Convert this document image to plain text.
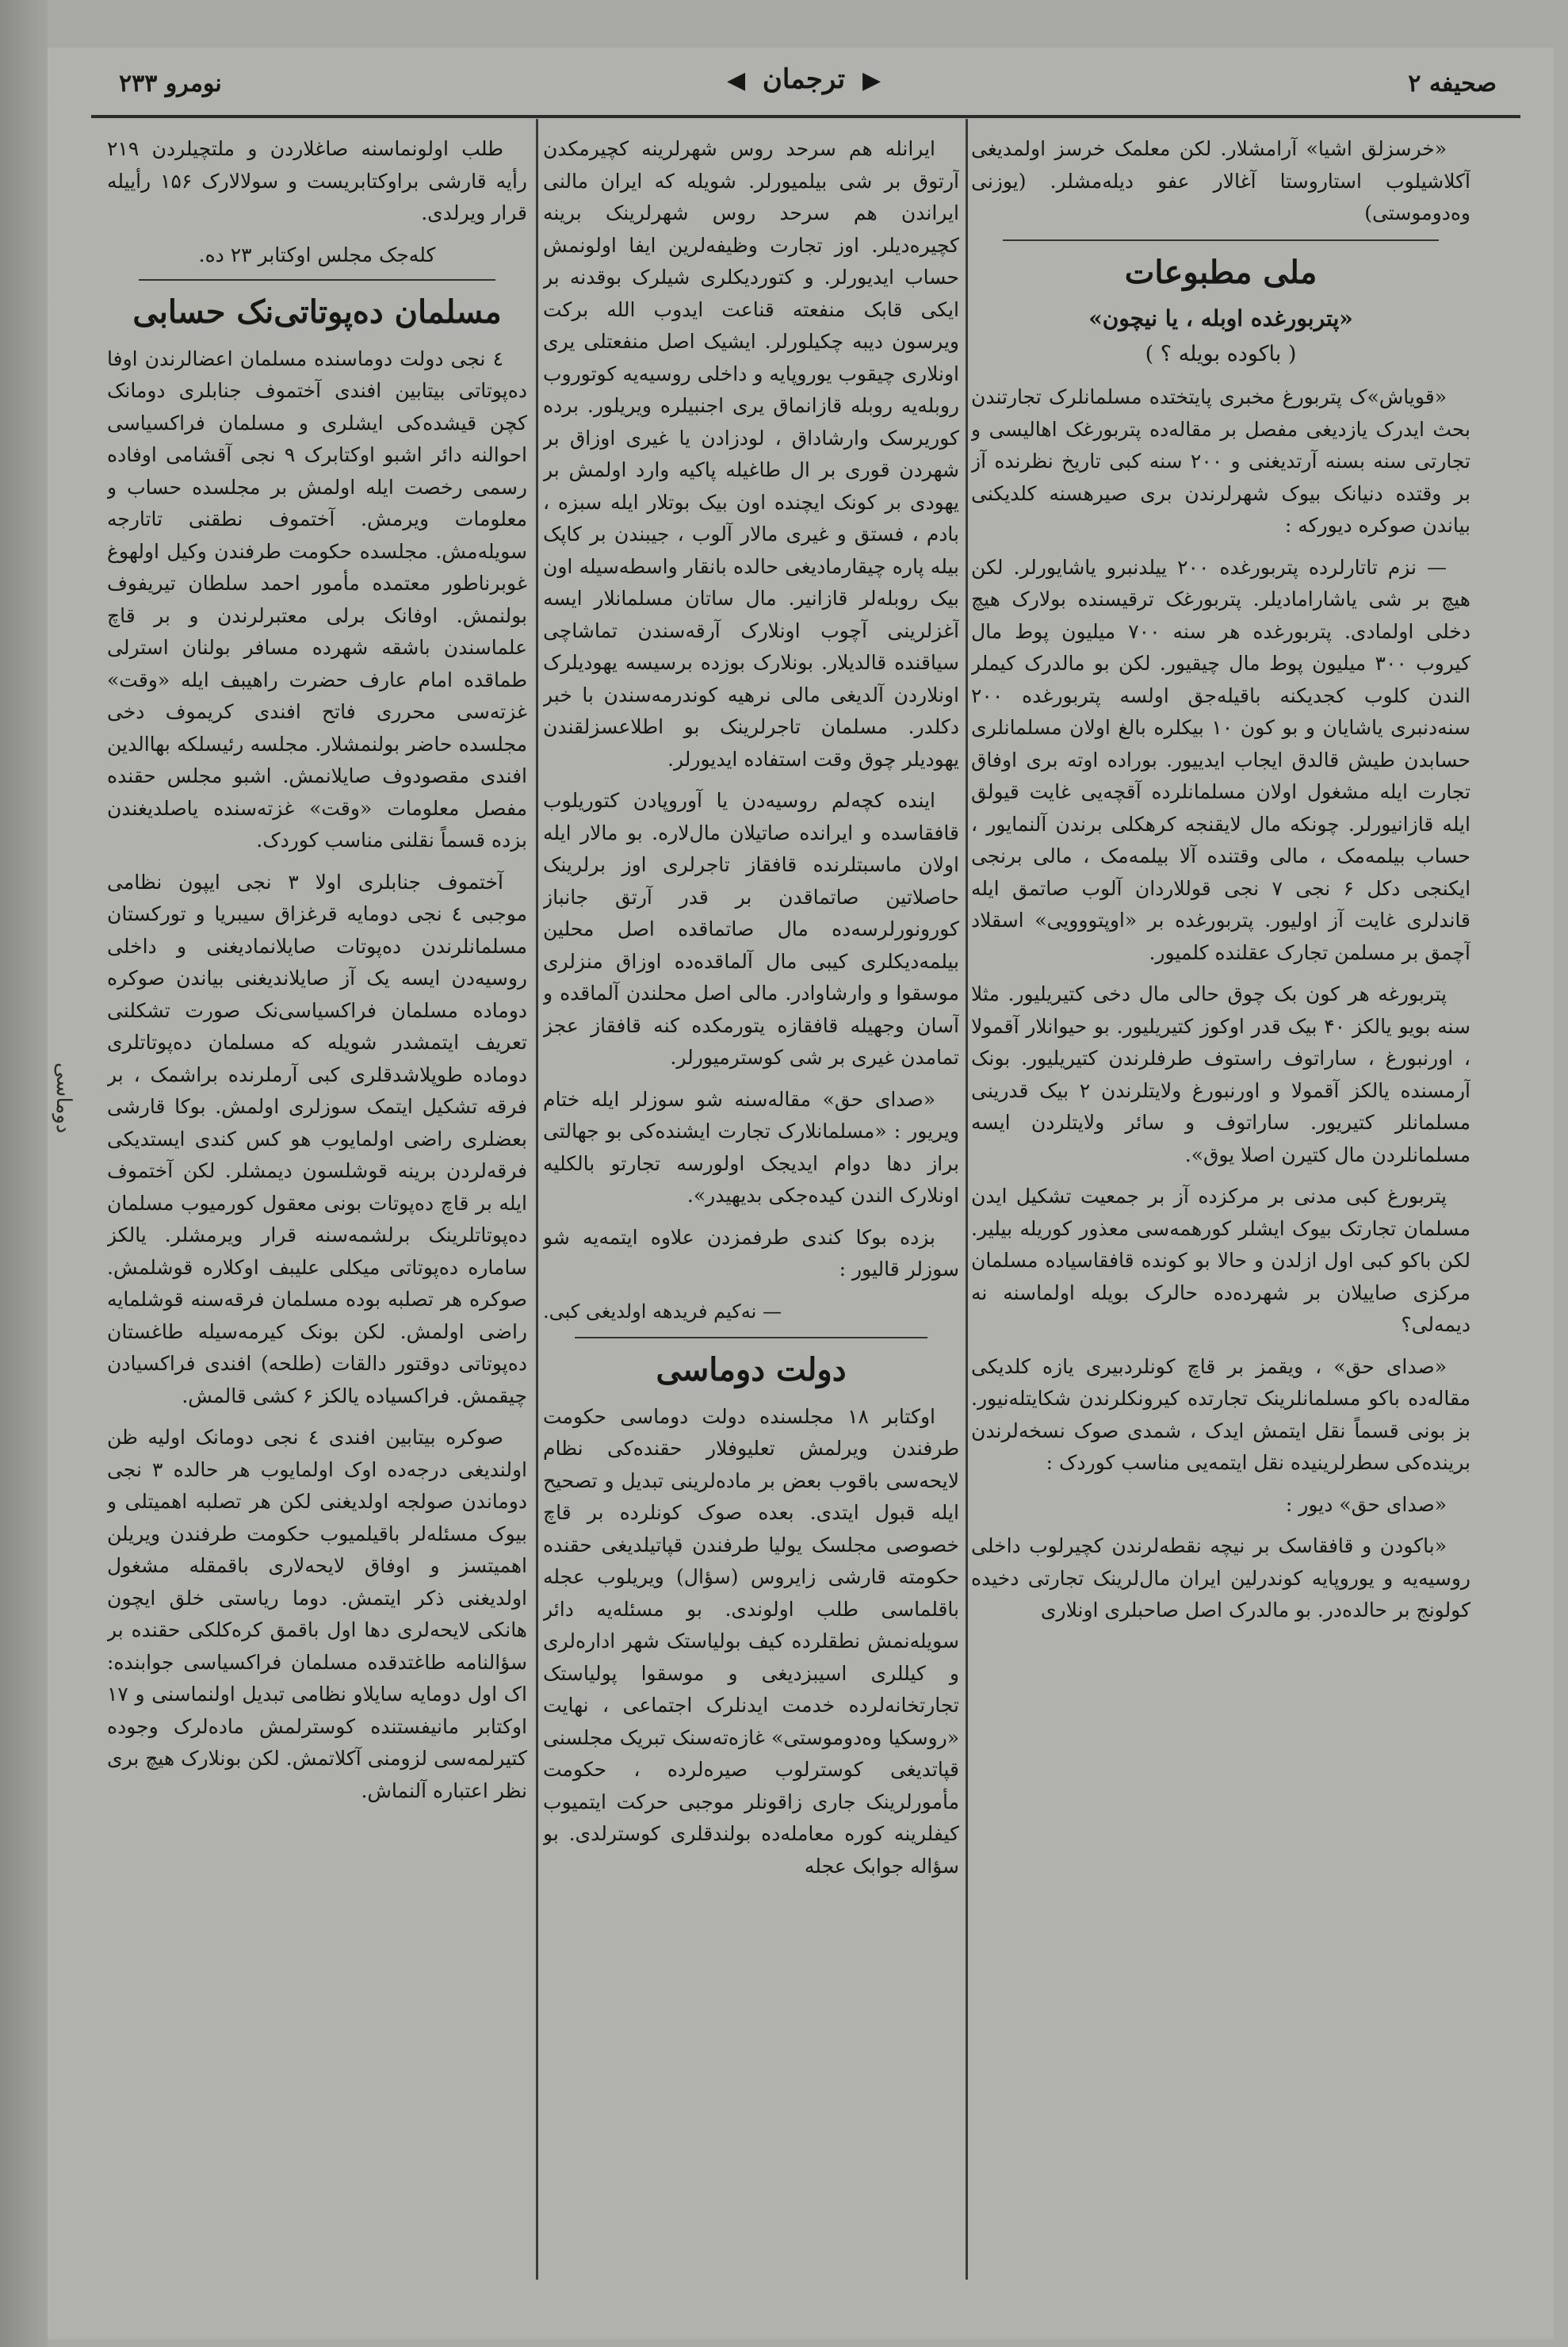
دوماسی
صحیفه ۲
▶ ترجمان ◀
نومرو ۲۳۳

«خرسزلق اشیا» آرامشلار. لکن معلمک خرسز اولمدیغی آکلاشیلوب استاروستا آغالار عفو دیله‌مشلر. (یوزنی وه‌دوموستی)

ملی مطبوعات
«پتربورغده اوبله ، یا نیچون»
( باکوده بویله ؟ )

«قویاش»‌ک پتربورغ مخبری پایتختده مسلمانلرک تجارتندن بحث ایدرک یازدیغی مفصل بر مقاله‌ده پتربورغک اهالیسی و تجارتی سنه بسنه آرتدیغنی و ۲۰۰ سنه کبی تاریخ نظرنده آز بر وقتده دنیانک بیوک شهرلرندن بری صیرهسنه کلدیکنی بیاندن صوکره دیورکه :

— نزم تاتارلرده پتربورغده ۲۰۰ ییلدنبرو یاشایورلر. لکن هیچ بر شی یاشارامادیلر. پتربورغک ترقیسنده بولارک هیچ دخلی اولمادی. پتربورغده هر سنه ۷۰۰ میلیون پوط مال کیروب ۳۰۰ میلیون پوط مال چیقیور. لکن بو مالدرک کیملر الندن کلوب کجدیکنه باقیله‌جق اولسه پتربورغده ۲۰۰ سنه‌دنبری یاشایان و بو کون ۱۰ بیکلره بالغ اولان مسلمانلری حسابدن طیش قالدق ایجاب ایدییور. بوراده اوته بری اوفاق تجارت ایله مشغول اولان مسلمانلرده آقچه‌یی غایت قیولق ایله قازانیورلر. چونکه مال لایقنجه کرهکلی برندن آلنمایور ، حساب بیلمه‌مک ، مالی وقتنده آلا بیلمه‌مک ، مالی برنجی ایکنجی دکل ۶ نجی ۷ نجی قوللاردان آلوب صاتمق ایله قاندلری غایت آز اولیور. پتربورغده بر «اوپتووویی» اسقلاد آچمق بر مسلمن تجارک عقلنده کلمیور.

پتربورغه هر کون بک چوق حالی مال دخی کتیریلیور. مثلا سنه بویو یالکز ۴۰ بیک قدر اوکوز کتیریلیور. بو حیوانلار آقمولا ، اورنبورغ ، ساراتوف راستوف طرفلرندن کتیریلیور. بونک آرمسنده یالکز آقمولا و اورنبورغ ولایتلرندن ۲ بیک قدرینی مسلمانلر کتیریور. ساراتوف و سائر ولایتلردن ایسه مسلمانلردن مال کتیرن اصلا یوق».

پتربورغ کبی مدنی بر مرکزده آز بر جمعیت تشکیل ایدن مسلمان تجارتک بیوک ایشلر کورهمه‌سی معذور کوریله بیلیر. لکن باکو کبی اول ازلدن و حالا بو کونده قافقاسیاده مسلمان مرکزی صاییلان بر شهرده‌ده حالرک بویله اولماسنه نه دیمه‌لی؟

«صدای حق» ، ویقمز بر قاچ کونلردبیری یازه کلدیکی مقاله‌ده باکو مسلمانلرینک تجارتده کیرونکلرندن شکایتله‌نیور. بز بونی قسماً نقل ایتمش ایدک ، شمدی صوک نسخه‌لرندن برینده‌کی سطرلرینیده نقل ایتمه‌یی مناسب کوردک :

«صدای حق» دیور :

«باکودن و قافقاسک بر نیچه نقطه‌لرندن کچیرلوب داخلی روسیه‌یه و یوروپایه کوندرلین ایران مال‌لرینک تجارتی دخیده کولونج بر حالده‌در. بو مالدرک اصل صاحبلری اونلاری

ایرانله هم سرحد روس شهرلرینه کچیرمکدن آرتوق بر شی بیلمیورلر. شویله که ایران مالنی ایراندن هم سرحد روس شهرلرینک برینه کچیره‌دیلر. اوز تجارت وظیفه‌لرین ایفا اولونمش حساب ایدیورلر. و کتوردیکلری شیلرک بوقدنه بر ایکی قابک منفعته قناعت ایدوب الله برکت ویرسون دیبه چکیلورلر. ایشیک اصل منفعتلی یری اونلاری چیقوب یوروپایه و داخلی روسیه‌یه کوتوروب روبله‌یه روبله قازانماق یری اجنبیلره ویریلور. برده کوریرسک وارشاداق ، لودزادن یا غیری اوزاق بر شهردن قوری بر ال طاغیله پاکیه وارد اولمش بر یهودی بر کونک ایچنده اون بیک بوتلار ایله سبزه ، بادم ، فستق و غیری مالار آلوب ، جیبندن بر کاپک بیله پاره چیقارمادیغی حالده بانقار واسطه‌سیله اون بیک روبله‌لر قازانیر. مال ساتان مسلمانلار ایسه آغزلرینی آچوب اونلارک آرقه‌سندن تماشاچی سیاقنده قالدیلار. بونلارک بوزده برسیسه یهودیلرک اونلاردن آلدیغی مالی نرهیه کوندرمه‌سندن با خبر دکلدر. مسلمان تاجرلرینک بو اطلاعسزلقندن یهودیلر چوق وقت استفاده ایدیورلر.

اینده کچه‌لم روسیه‌دن یا آوروپادن کتوریلوب قافقاسده و ایرانده صاتیلان مال‌لاره. بو مالار ایله اولان ماسبتلرنده قافقاز تاجرلری اوز برلرینک حاصلاتین صاتماقدن بر قدر آرتق جانباز کورونورلرسه‌ده مال صاتماقده اصل محلین بیلمه‌دیکلری کیبی مال آلماقده‌ده اوزاق منزلری موسقوا و وارشاوادر. مالی اصل محلندن آلماقده و آسان وجهیله قافقازه یتورمکده کنه قافقاز عجز تمامدن غیری بر شی کوسترمیورلر.

«صدای حق» مقاله‌سنه شو سوزلر ایله ختام ویریور : «مسلمانلارک تجارت ایشنده‌کی بو جهالتی براز دها دوام ایدیجک اولورسه تجارتو بالکلیه اونلارک الندن کیده‌جکی بدیهیدر».

بزده بوکا کندی طرفمزدن علاوه ایتمه‌یه شو سوزلر قالیور :

— نه‌کیم فریدهه اولدیغی کبی.
دولت دوماسی

اوکتابر ۱۸ مجلسنده دولت دوماسی حکومت طرفندن ویرلمش تعلیوفلار حقنده‌کی نظام لایحه‌سی باقوب بعض بر ماده‌لرینی تبدیل و تصحیح ایله قبول ایتدی. بعده صوک کونلرده بر قاچ خصوصی مجلسک یولیا طرفندن قپاتیلدیغی حقنده حکومته قارشی زایروس (سؤال) ویریلوب عجله باقلماسی طلب اولوندی. بو مسئله‌یه دائر سویله‌نمش نطقلرده کیف بولیاستک شهر اداره‌لری و کیللری اسیبزدیغی و موسقوا پولیاستک تجارتخانه‌لرده خدمت ایدنلرک اجتماعی ، نهایت «روسکیا وه‌دوموستی» غازه‌ته‌سنک تبریک مجلسنی قپاتدیغی کوسترلوب صیره‌لرده ، حکومت مأمورلرینک جاری زاقونلر موجبی حرکت ایتمیوب کیفلرینه کوره معامله‌ده بولندقلری کوسترلدی. بو سؤاله جوابک عجله

طلب اولونماسنه صاغلاردن و ملتچیلردن ۲۱۹ رأیه قارشی براوکتابریست و سولالارک ۱۵۶ رأییله قرار ویرلدی.

کله‌جک مجلس اوکتابر ۲۳ ده.
مسلمان ده‌پوتاتی‌نک حسابی

٤ نجی دولت دوماسنده مسلمان اعضالرندن اوفا ده‌پوتاتی بیتابین افندی آختموف جنابلری دومانک کچن قیشده‌کی ایشلری و مسلمان فراکسیاسی احوالنه دائر اشبو اوکتابرک ۹ نجی آقشامی اوفاده رسمی رخصت ایله اولمش بر مجلسده حساب و معلومات ویرمش. آختموف نطقنی تاتارجه سویله‌مش. مجلسده حکومت طرفندن وکیل اولهوغ غوبرناطور معتمده مأمور احمد سلطان تیریفوف بولنمش. اوفانک برلی معتبرلرندن و بر قاچ علماسندن باشقه شهرده مسافر بولنان استرلی طماقده امام عارف حضرت راهیبف ایله «وقت» غزته‌سی محرری فاتح افندی کریموف دخی مجلسده حاضر بولنمشلار. مجلسه رئیسلکه بهاالدین افندی مقصودوف صايلانمش. اشبو مجلس حقنده مفصل معلومات «وقت» غزته‌سنده یاصلدیغندن بزده قسماً نقلنی مناسب کوردک.

آختموف جنابلری اولا ۳ نجی ایپون نظامی موجبی ٤ نجی دومایه قرغزاق سیبریا و تورکستان مسلمانلرندن ده‌پوتات صایلانمادیغنی و داخلی روسیه‌دن ایسه یک آز صایلاندیغنی بیاندن صوکره دوماده مسلمان فراکسیاسی‌نک صورت تشکلنی تعریف ایتمشدر شویله که مسلمان ده‌پوتاتلری دوماده طوپلاشدقلری کبی آرملرنده براشمک ، بر فرقه تشکیل ایتمک سوزلری اولمش. بوکا قارشی بعضلری راضی اولمایوب هو کس کندی ایستدیکی فرقه‌لردن برینه قوشلسون دیمشلر. لکن آختموف ایله بر قاچ ده‌پوتات بونی معقول کورمیوب مسلمان ده‌پوتاتلرینک برلشمه‌سنه قرار ویرمشلر. یالکز ساماره ده‌پوتاتی میکلی علیبف اوکلاره قوشلمش. صوکره هر تصلبه بوده مسلمان فرقه‌سنه قوشلمایه راضی اولمش. لکن بونک کیرمه‌سیله طاغستان ده‌پوتاتی دوقتور دالقات (طلحه) افندی فراکسیادن چیقمش. فراکسیاده یالکز ۶ کشی قالمش.

صوکره بیتابین افندی ٤ نجی دومانک اولیه ظن اولندیغی درجه‌ده اوک اولمایوب هر حالده ۳ نجی دوماندن صولجه اولدیغنی لکن هر تصلبه اهمیتلی و بیوک مسئله‌لر باقیلمیوب حکومت طرفندن ویریلن اهمیتسز و اوفاق لایحه‌لاری باقمقله مشغول اولدیغنی ذکر ایتمش. دوما ریاستی خلق ایچون هانکی لایحه‌لری دها اول باقمق کره‌کلکی حقنده بر سؤالنامه طاغتدقده مسلمان فراکسیاسی جوابنده: اک اول دومایه سایلاو نظامی تبدیل اولنماسنی و ۱۷ اوکتابر مانیفستنده کوسترلمش ماده‌لرک وجوده کتیرلمه‌سی لزومنی آکلاتمش. لکن بونلارک هیچ بری نظر اعتباره آلنماش.
